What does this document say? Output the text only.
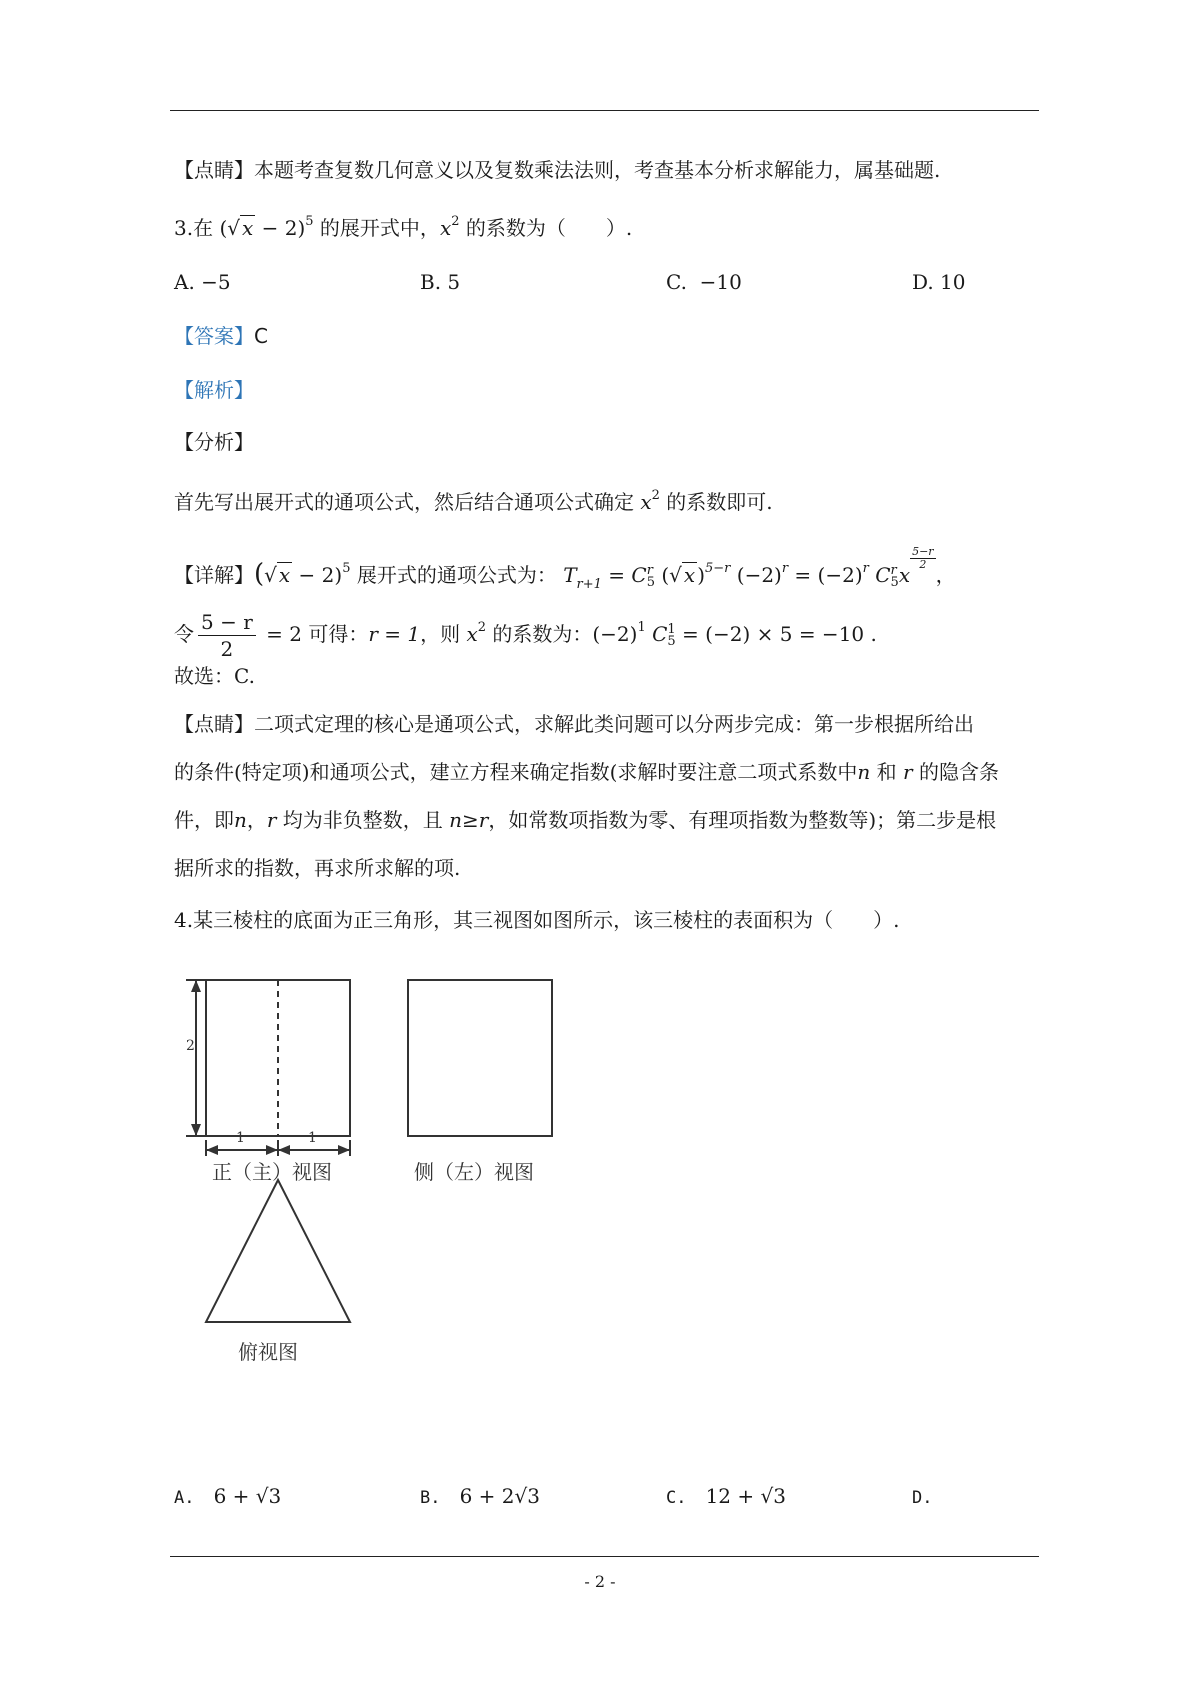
【点睛】本题考查复数几何意义以及复数乘法法则，考查基本分析求解能力，属基础题.
3.在 (√ x − 2)$^5$ 的展开式中，$x^2$ 的系数为（　　）.
A. −5	B. 5	C. −10	D. 10
【答案】C
【解析】
【分析】
首先写出展开式的通项公式，然后结合通项公式确定 $x^2$ 的系数即可.
【详解】(√ x − 2)$^5$ 展开式的通项公式为： $T_{r+1} = C$ r
5 (√ x )$^{5-r}$ $(-2)^r = (-2)^r$ C r
5 x
$\frac{5-r}{2}$
，
令 $\frac{5 - r}{2} = 2$ 可得：r = 1，则 $x^2$ 的系数为：$(-2)^1$ C 1
5 = (−2) × 5 = −10 .
故选：C.
【点睛】二项式定理的核心是通项公式，求解此类问题可以分两步完成：第一步根据所给出
的条件(特定项)和通项公式，建立方程来确定指数(求解时要注意二项式系数中n 和 r 的隐含条
件，即n，r 均为非负整数，且 n≥r，如常数项指数为零、有理项指数为整数等)；第二步是根
据所求的指数，再求所求解的项.
4.某三棱柱的底面为正三角形，其三视图如图所示，该三棱柱的表面积为（　　）.
2
1	1
正（主）视图	侧（左）视图
俯视图
A. 6 + √3	B. 6 + 2√3	C. 12 + √3	D.
- 2 -
